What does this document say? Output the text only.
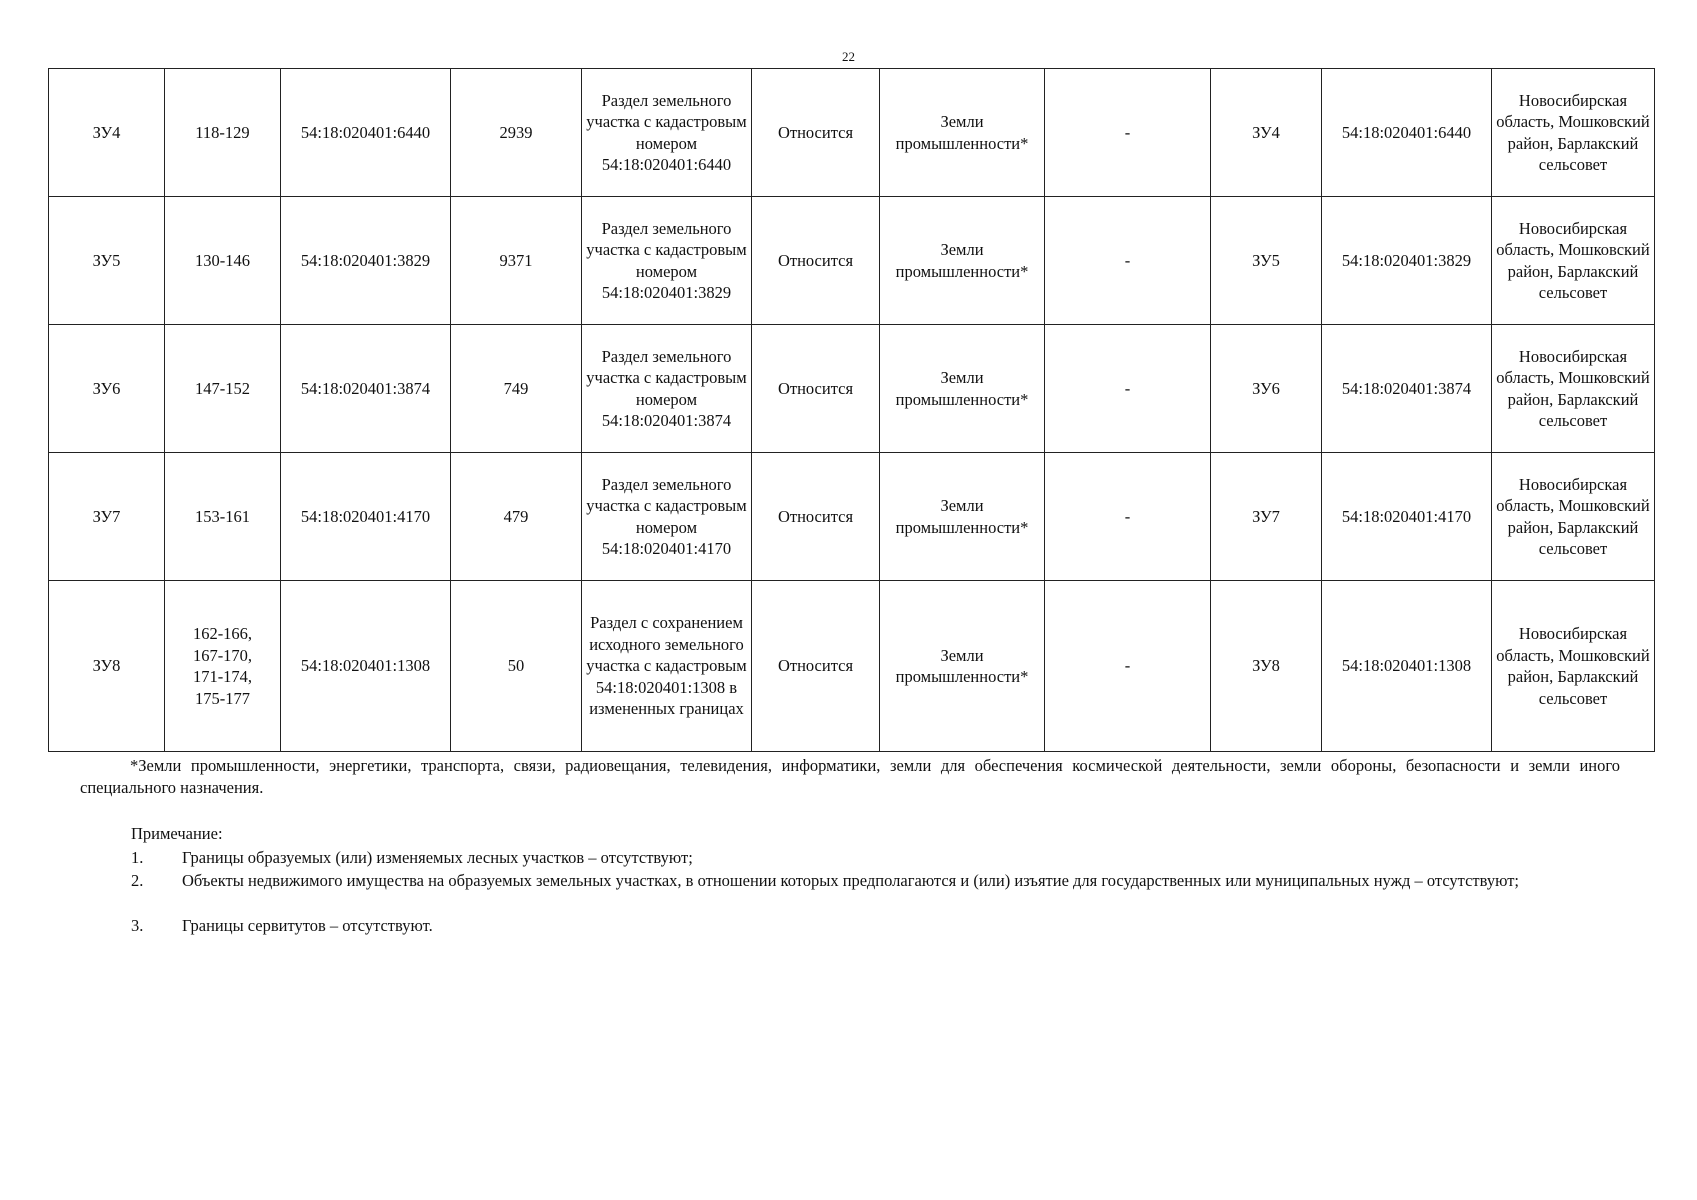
22
ЗУ4	118-129	54:18:020401:6440	2939	Раздел земельного участка с кадастровым номером 54:18:020401:6440	Относится	Земли промышленности*	-	ЗУ4	54:18:020401:6440	Новосибирская область, Мошковский район, Барлакский сельсовет
ЗУ5	130-146	54:18:020401:3829	9371	Раздел земельного участка с кадастровым номером 54:18:020401:3829	Относится	Земли промышленности*	-	ЗУ5	54:18:020401:3829	Новосибирская область, Мошковский район, Барлакский сельсовет
ЗУ6	147-152	54:18:020401:3874	749	Раздел земельного участка с кадастровым номером 54:18:020401:3874	Относится	Земли промышленности*	-	ЗУ6	54:18:020401:3874	Новосибирская область, Мошковский район, Барлакский сельсовет
ЗУ7	153-161	54:18:020401:4170	479	Раздел земельного участка с кадастровым номером 54:18:020401:4170	Относится	Земли промышленности*	-	ЗУ7	54:18:020401:4170	Новосибирская область, Мошковский район, Барлакский сельсовет
ЗУ8	162-166, 167-170, 171-174, 175-177	54:18:020401:1308	50	Раздел с сохранением исходного земельного участка с кадастровым 54:18:020401:1308 в измененных границах	Относится	Земли промышленности*	-	ЗУ8	54:18:020401:1308	Новосибирская область, Мошковский район, Барлакский сельсовет

*Земли промышленности, энергетики, транспорта, связи, радиовещания, телевидения, информатики, земли для обеспечения космической деятельности, земли обороны, безопасности и земли иного специального назначения.

Примечание:

1. Границы образуемых (или) изменяемых лесных участков – отсутствуют;

2. Объекты недвижимого имущества на образуемых земельных участках, в отношении которых предполагаются и (или) изъятие для государственных или муниципальных нужд – отсутствуют;

3. Границы сервитутов – отсутствуют.
